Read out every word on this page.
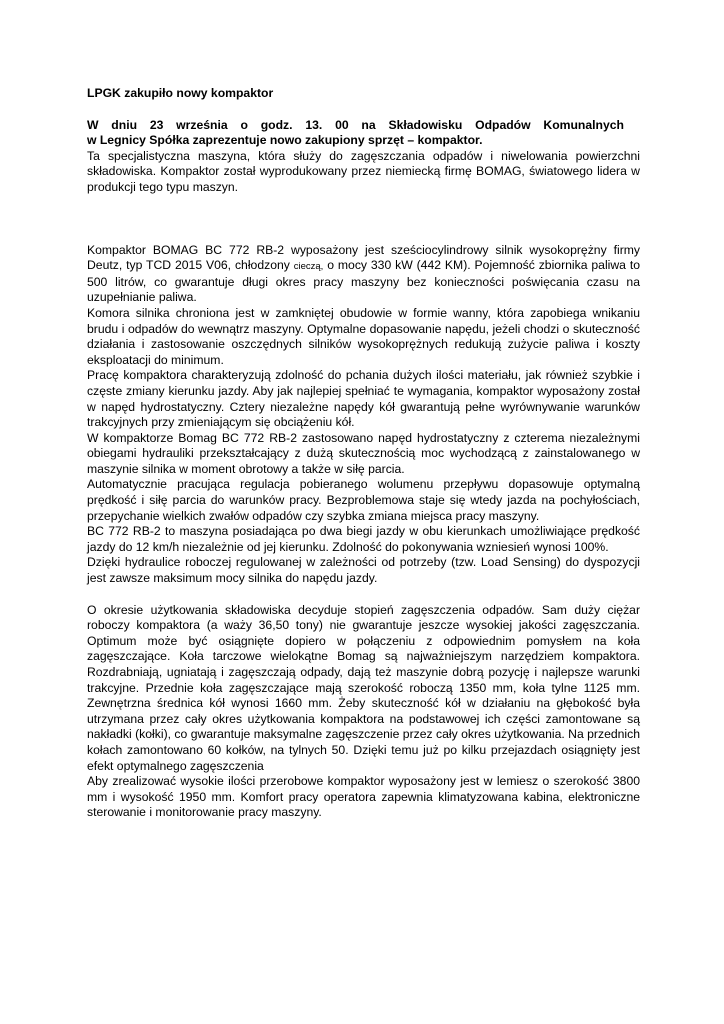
LPGK zakupiło nowy kompaktor
W dniu 23 września o godz. 13. 00 na Składowisku Odpadów Komunalnych
w Legnicy Spółka zaprezentuje nowo zakupiony sprzęt – kompaktor.

Ta specjalistyczna maszyna, która służy do zagęszczania odpadów i niwelowania powierzchni składowiska. Kompaktor został wyprodukowany przez niemiecką firmę BOMAG, światowego lidera w produkcji tego typu maszyn.

Kompaktor BOMAG BC 772 RB-2 wyposażony jest sześciocylindrowy silnik wysokoprężny firmy Deutz, typ TCD 2015 V06, chłodzony cieczą, o mocy 330 kW (442 KM). Pojemność zbiornika paliwa to 500 litrów, co gwarantuje długi okres pracy maszyny bez konieczności poświęcania czasu na uzupełnianie paliwa.

Komora silnika chroniona jest w zamkniętej obudowie w formie wanny, która zapobiega wnikaniu brudu i odpadów do wewnątrz maszyny. Optymalne dopasowanie napędu, jeżeli chodzi o skuteczność działania i zastosowanie oszczędnych silników wysokoprężnych redukują zużycie paliwa i koszty eksploatacji do minimum.

Pracę kompaktora charakteryzują zdolność do pchania dużych ilości materiału, jak również szybkie i częste zmiany kierunku jazdy. Aby jak najlepiej spełniać te wymagania, kompaktor wyposażony został w napęd hydrostatyczny. Cztery niezależne napędy kół gwarantują pełne wyrównywanie warunków trakcyjnych przy zmieniającym się obciążeniu kół.

W kompaktorze Bomag BC 772 RB-2 zastosowano napęd hydrostatyczny z czterema niezależnymi obiegami hydrauliki przekształcający z dużą skutecznością moc wychodzącą z zainstalowanego w maszynie silnika w moment obrotowy a także w siłę parcia.

Automatycznie pracująca regulacja pobieranego wolumenu przepływu dopasowuje optymalną prędkość i siłę parcia do warunków pracy. Bezproblemowa staje się wtedy jazda na pochyłościach, przepychanie wielkich zwałów odpadów czy szybka zmiana miejsca pracy maszyny.

BC 772 RB-2 to maszyna posiadająca po dwa biegi jazdy w obu kierunkach umożliwiające prędkość jazdy do 12 km/h niezależnie od jej kierunku. Zdolność do pokonywania wzniesień wynosi 100%.

Dzięki hydraulice roboczej regulowanej w zależności od potrzeby (tzw. Load Sensing) do dyspozycji jest zawsze maksimum mocy silnika do napędu jazdy.

O okresie użytkowania składowiska decyduje stopień zagęszczenia odpadów. Sam duży ciężar roboczy kompaktora (a waży 36,50 tony) nie gwarantuje jeszcze wysokiej jakości zagęszczania. Optimum może być osiągnięte dopiero w połączeniu z odpowiednim pomysłem na koła zagęszczające. Koła tarczowe wielokątne Bomag są najważniejszym narzędziem kompaktora. Rozdrabniają, ugniatają i zagęszczają odpady, dają też maszynie dobrą pozycję i najlepsze warunki trakcyjne. Przednie koła zagęszczające mają szerokość roboczą 1350 mm, koła tylne 1125 mm. Zewnętrzna średnica kół wynosi 1660 mm. Żeby skuteczność kół w działaniu na głębokość była utrzymana przez cały okres użytkowania kompaktora na podstawowej ich części zamontowane są nakładki (kołki), co gwarantuje maksymalne zagęszczenie przez cały okres użytkowania. Na przednich kołach zamontowano 60 kołków, na tylnych 50. Dzięki temu już po kilku przejazdach osiągnięty jest efekt optymalnego zagęszczenia

Aby zrealizować wysokie ilości przerobowe kompaktor wyposażony jest w lemiesz o szerokość 3800 mm i wysokość 1950 mm. Komfort pracy operatora zapewnia klimatyzowana kabina, elektroniczne sterowanie i monitorowanie pracy maszyny.
